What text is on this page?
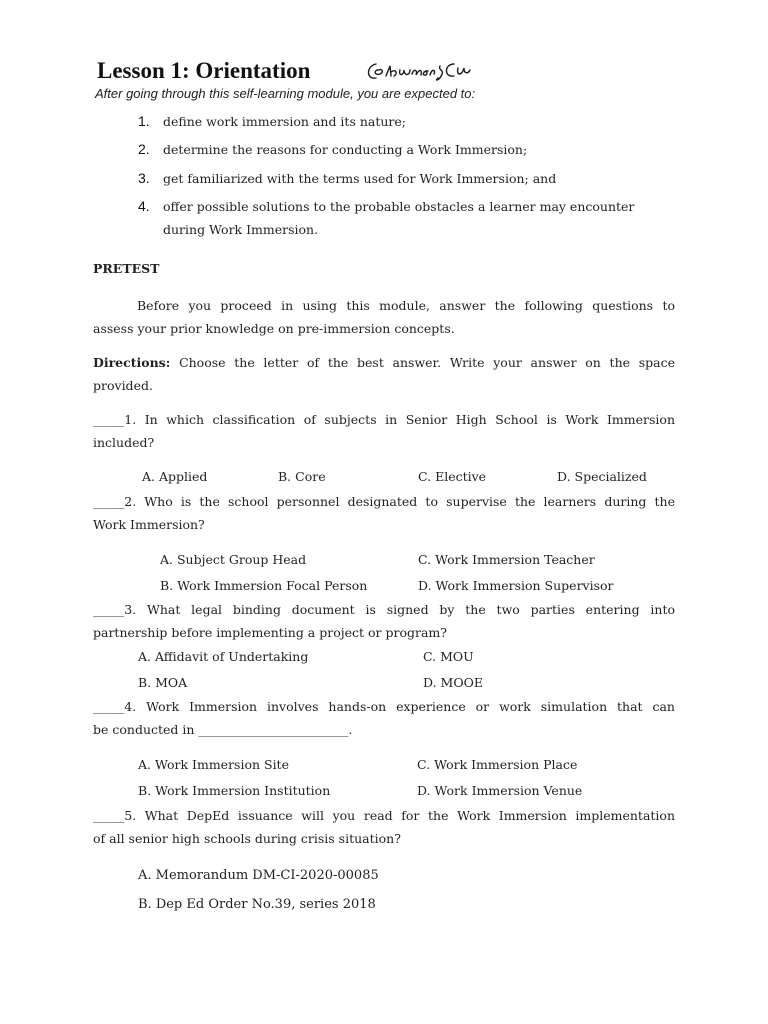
Lesson 1: Orientation
After going through this self-learning module, you are expected to:
1. define work immersion and its nature;
2. determine the reasons for conducting a Work Immersion;
3. get familiarized with the terms used for Work Immersion; and
4. offer possible solutions to the probable obstacles a learner may encounter
during Work Immersion.
PRETEST
Before you proceed in using this module, answer the following questions to
assess your prior knowledge on pre-immersion concepts.
Directions: Choose the letter of the best answer. Write your answer on the space
provided.
_____1. In which classification of subjects in Senior High School is Work Immersion
included?
A. Applied	B. Core	C. Elective	D. Specialized
_____2. Who is the school personnel designated to supervise the learners during the
Work Immersion?
A. Subject Group Head	C. Work Immersion Teacher
B. Work Immersion Focal Person	D. Work Immersion Supervisor
_____3. What legal binding document is signed by the two parties entering into
partnership before implementing a project or program?
A. Affidavit of Undertaking	C. MOU
B. MOA	D. MOOE
_____4. Work Immersion involves hands-on experience or work simulation that can
be conducted in ________________________.
A. Work Immersion Site	C. Work Immersion Place
B. Work Immersion Institution	D. Work Immersion Venue
_____5. What DepEd issuance will you read for the Work Immersion implementation
of all senior high schools during crisis situation?
A. Memorandum DM-CI-2020-00085
B. Dep Ed Order No.39, series 2018
